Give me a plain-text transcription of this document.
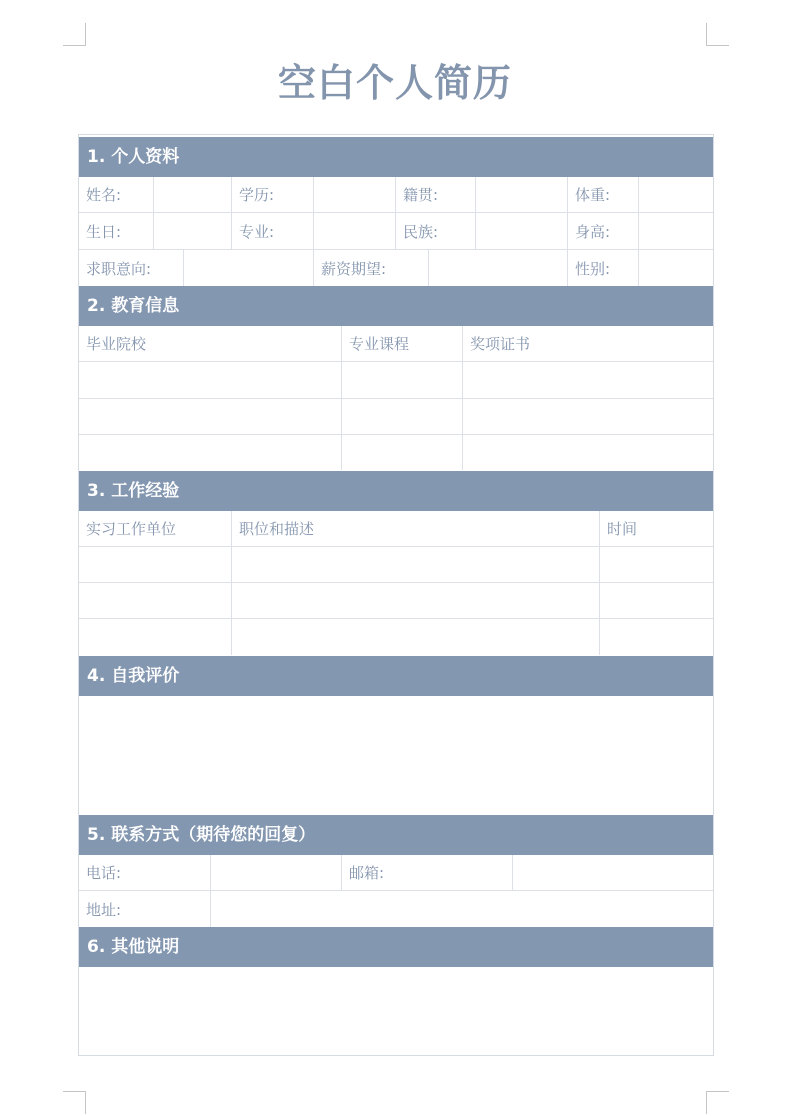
空白个人简历
1. 个人资料
姓名:	学历:	籍贯:	体重:
生日:	专业:	民族:	身高:
求职意向:	薪资期望:	性别:
2. 教育信息
毕业院校	专业课程	奖项证书
3. 工作经验
实习工作单位	职位和描述	时间
4. 自我评价
5. 联系方式（期待您的回复）
电话:	邮箱:
地址:
6. 其他说明
